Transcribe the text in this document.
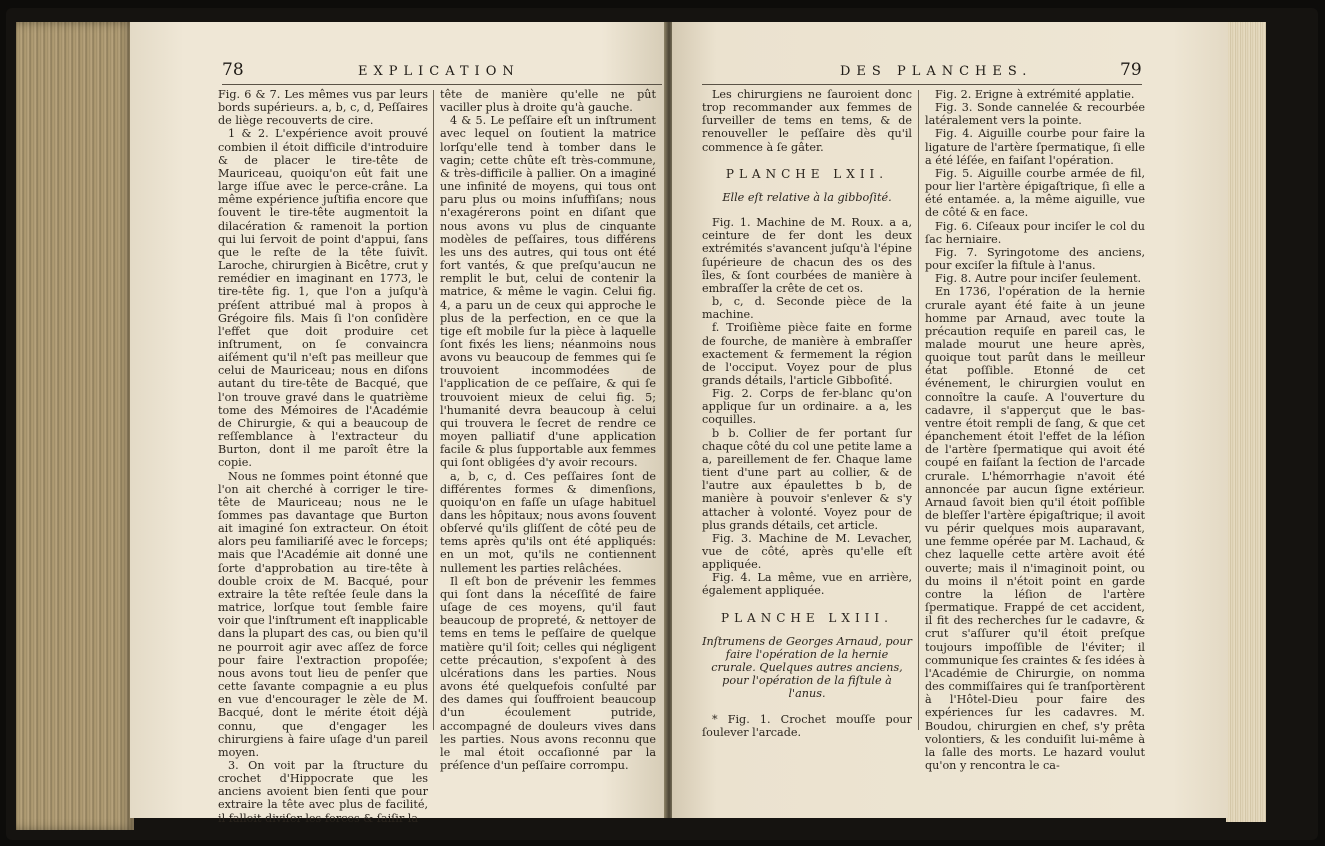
78	EXPLICATION

Fig. 6 & 7. Les mêmes vus par leurs bords supérieurs. a, b, c, d, Peſſaires de liège recouverts de cire.

1 & 2. L'expérience avoit prouvé combien il étoit difficile d'introduire & de placer le tire-tête de Mauriceau, quoiqu'on eût fait une large iſſue avec le perce-crâne. La même expérience juſtifia encore que ſouvent le tire-tête augmentoit la dilacération & ramenoit la portion qui lui ſervoit de point d'appui, ſans que le reſte de la tête ſuivît. Laroche, chirurgien à Bicêtre, crut y remédier en imaginant en 1773, le tire-tête fig. 1, que l'on a juſqu'à préſent attribué mal à propos à Grégoire fils. Mais ſi l'on conſidère l'effet que doit produire cet inſtrument, on ſe convaincra aiſément qu'il n'eſt pas meilleur que celui de Mauriceau; nous en diſons autant du tire-tête de Bacqué, que l'on trouve gravé dans le quatrième tome des Mémoires de l'Académie de Chirurgie, & qui a beaucoup de reſſemblance à l'extracteur du Burton, dont il me paroît être la copie.

Nous ne ſommes point étonné que l'on ait cherché à corriger le tire-tête de Mauriceau; nous ne le ſommes pas davantage que Burton ait imaginé ſon extracteur. On étoit alors peu familiariſé avec le forceps; mais que l'Académie ait donné une ſorte d'approbation au tire-tête à double croix de M. Bacqué, pour extraire la tête reſtée ſeule dans la matrice, lorſque tout ſemble faire voir que l'inſtrument eſt inapplicable dans la plupart des cas, ou bien qu'il ne pourroit agir avec aſſez de force pour faire l'extraction propoſée; nous avons tout lieu de penſer que cette ſavante compagnie a eu plus en vue d'encourager le zèle de M. Bacqué, dont le mérite étoit déjà connu, que d'engager les chirurgiens à faire uſage d'un pareil moyen.

3. On voit par la ſtructure du crochet d'Hippocrate que les anciens avoient bien ſenti que pour extraire la tête avec plus de facilité, il falloit diviſer les forces & ſaiſir la

tête de manière qu'elle ne pût vaciller plus à droite qu'à gauche.

4 & 5. Le peſſaire eſt un inſtrument avec lequel on ſoutient la matrice lorſqu'elle tend à tomber dans le vagin; cette chûte eſt très-commune, & très-difficile à pallier. On a imaginé une infinité de moyens, qui tous ont paru plus ou moins inſuffiſans; nous n'exagérerons point en diſant que nous avons vu plus de cinquante modèles de peſſaires, tous différens les uns des autres, qui tous ont été fort vantés, & que preſqu'aucun ne remplit le but, celui de contenir la matrice, & même le vagin. Celui fig. 4, a paru un de ceux qui approche le plus de la perfection, en ce que la tige eſt mobile ſur la pièce à laquelle ſont fixés les liens; néanmoins nous avons vu beaucoup de femmes qui ſe trouvoient incommodées de l'application de ce peſſaire, & qui ſe trouvoient mieux de celui fig. 5; l'humanité devra beaucoup à celui qui trouvera le ſecret de rendre ce moyen palliatif d'une application facile & plus ſupportable aux femmes qui ſont obligées d'y avoir recours.

a, b, c, d. Ces peſſaires ſont de différentes formes & dimenſions, quoiqu'on en faſſe un uſage habituel dans les hôpitaux; nous avons ſouvent obſervé qu'ils gliſſent de côté peu de tems après qu'ils ont été appliqués: en un mot, qu'ils ne contiennent nullement les parties relâchées.

Il eſt bon de prévenir les femmes qui ſont dans la néceſſité de faire uſage de ces moyens, qu'il faut beaucoup de propreté, & nettoyer de tems en tems le peſſaire de quelque matière qu'il ſoit; celles qui négligent cette précaution, s'expoſent à des ulcérations dans les parties. Nous avons été quelquefois conſulté par des dames qui ſouffroient beaucoup d'un écoulement putride, accompagné de douleurs vives dans les parties. Nous avons reconnu que le mal étoit occaſionné par la préſence d'un peſſaire corrompu.

DES PLANCHES.	79

Les chirurgiens ne ſauroient donc trop recommander aux femmes de ſurveiller de tems en tems, & de renouveller le peſſaire dès qu'il commence à ſe gâter.

PLANCHE LXII.
Elle eſt relative à la gibboſité.

Fig. 1. Machine de M. Roux. a a, ceinture de fer dont les deux extrémités s'avancent juſqu'à l'épine ſupérieure de chacun des os des îles, & ſont courbées de manière à embraſſer la crête de cet os.

b, c, d. Seconde pièce de la machine.

f. Troiſième pièce faite en forme de fourche, de manière à embraſſer exactement & fermement la région de l'occiput. Voyez pour de plus grands détails, l'article Gibboſité.

Fig. 2. Corps de fer-blanc qu'on applique ſur un ordinaire. a a, les coquilles.

b b. Collier de fer portant ſur chaque côté du col une petite lame a a, pareillement de fer. Chaque lame tient d'une part au collier, & de l'autre aux épaulettes b b, de manière à pouvoir s'enlever & s'y attacher à volonté. Voyez pour de plus grands détails, cet article.

Fig. 3. Machine de M. Levacher, vue de côté, après qu'elle eſt appliquée.

Fig. 4. La même, vue en arrière, également appliquée.

PLANCHE LXIII.
Inſtrumens de Georges Arnaud, pour faire l'opération de la hernie crurale. Quelques autres anciens, pour l'opération de la fiſtule à l'anus.

* Fig. 1. Crochet mouſſe pour ſoulever l'arcade.

Fig. 2. Erigne à extrémité applatie.

Fig. 3. Sonde cannelée & recourbée latéralement vers la pointe.

Fig. 4. Aiguille courbe pour faire la ligature de l'artère ſpermatique, ſi elle a été léſée, en faiſant l'opération.

Fig. 5. Aiguille courbe armée de fil, pour lier l'artère épigaſtrique, ſi elle a été entamée. a, la même aiguille, vue de côté & en face.

Fig. 6. Ciſeaux pour inciſer le col du ſac herniaire.

Fig. 7. Syringotome des anciens, pour exciſer la fiſtule à l'anus.

Fig. 8. Autre pour inciſer ſeulement.

En 1736, l'opération de la hernie crurale ayant été faite à un jeune homme par Arnaud, avec toute la précaution requiſe en pareil cas, le malade mourut une heure après, quoique tout parût dans le meilleur état poſſible. Etonné de cet événement, le chirurgien voulut en connoître la cauſe. A l'ouverture du cadavre, il s'apperçut que le bas-ventre étoit rempli de ſang, & que cet épanchement étoit l'effet de la léſion de l'artère ſpermatique qui avoit été coupé en faiſant la ſection de l'arcade crurale. L'hémorrhagie n'avoit été annoncée par aucun ſigne extérieur. Arnaud ſavoit bien qu'il étoit poſſible de bleſſer l'artère épigaſtrique; il avoit vu périr quelques mois auparavant, une femme opérée par M. Lachaud, & chez laquelle cette artère avoit été ouverte; mais il n'imaginoit point, ou du moins il n'étoit point en garde contre la léſion de l'artère ſpermatique. Frappé de cet accident, il fit des recherches ſur le cadavre, & crut s'aſſurer qu'il étoit preſque toujours impoſſible de l'éviter; il communique ſes craintes & ſes idées à l'Académie de Chirurgie, on nomma des commiſſaires qui ſe tranſportèrent à l'Hôtel-Dieu pour faire des expériences ſur les cadavres. M. Boudou, chirurgien en chef, s'y prêta volontiers, & les conduiſit lui-même à la ſalle des morts. Le hazard voulut qu'on y rencontra le ca-
